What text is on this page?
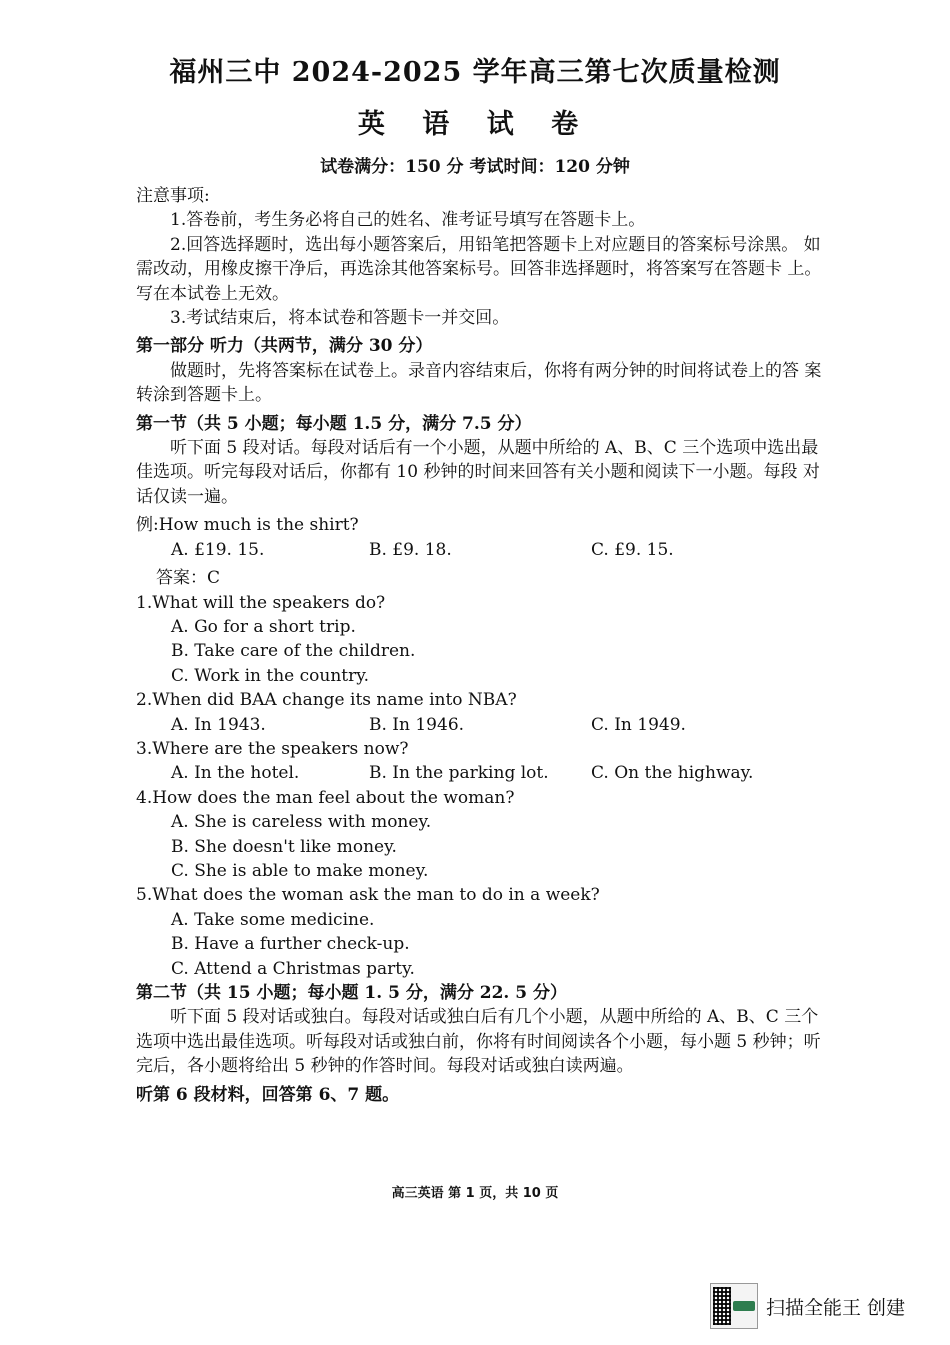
福州三中 2024-2025 学年高三第七次质量检测
英 语 试 卷
试卷满分：150 分 考试时间：120 分钟

注意事项:

1.答卷前，考生务必将自己的姓名、准考证号填写在答题卡上。

2.回答选择题时，选出每小题答案后，用铅笔把答题卡上对应题目的答案标号涂黑。 如需改动，用橡皮擦干净后，再选涂其他答案标号。回答非选择题时，将答案写在答题卡 上。写在本试卷上无效。

3.考试结束后，将本试卷和答题卡一并交回。

第一部分 听力（共两节，满分 30 分）

做题时，先将答案标在试卷上。录音内容结束后，你将有两分钟的时间将试卷上的答 案转涂到答题卡上。

第一节（共 5 小题；每小题 1.5 分，满分 7.5 分）

听下面 5 段对话。每段对话后有一个小题，从题中所给的 A、B、C 三个选项中选出最 佳选项。听完每段对话后，你都有 10 秒钟的时间来回答有关小题和阅读下一小题。每段 对话仅读一遍。

例:How much is the shirt?

A. £19. 15.	B. £9. 18.	C. £9. 15.

答案：C

1.What will the speakers do?

A. Go for a short trip.

B. Take care of the children.

C. Work in the country.

2.When did BAA change its name into NBA?

A. In 1943.	B. In 1946.	C. In 1949.

3.Where are the speakers now?

A. In the hotel.	B. In the parking lot.	C. On the highway.

4.How does the man feel about the woman?

A. She is careless with money.

B. She doesn't like money.

C. She is able to make money.

5.What does the woman ask the man to do in a week?

A. Take some medicine.

B. Have a further check-up.

C. Attend a Christmas party.

第二节（共 15 小题；每小题 1. 5 分，满分 22. 5 分）

听下面 5 段对话或独白。每段对话或独白后有几个小题，从题中所给的 A、B、C 三个 选项中选出最佳选项。听每段对话或独白前，你将有时间阅读各个小题，每小题 5 秒钟；听 完后，各小题将给出 5 秒钟的作答时间。每段对话或独白读两遍。

听第 6 段材料，回答第 6、7 题。

高三英语 第 1 页，共 10 页
扫描全能王 创建
